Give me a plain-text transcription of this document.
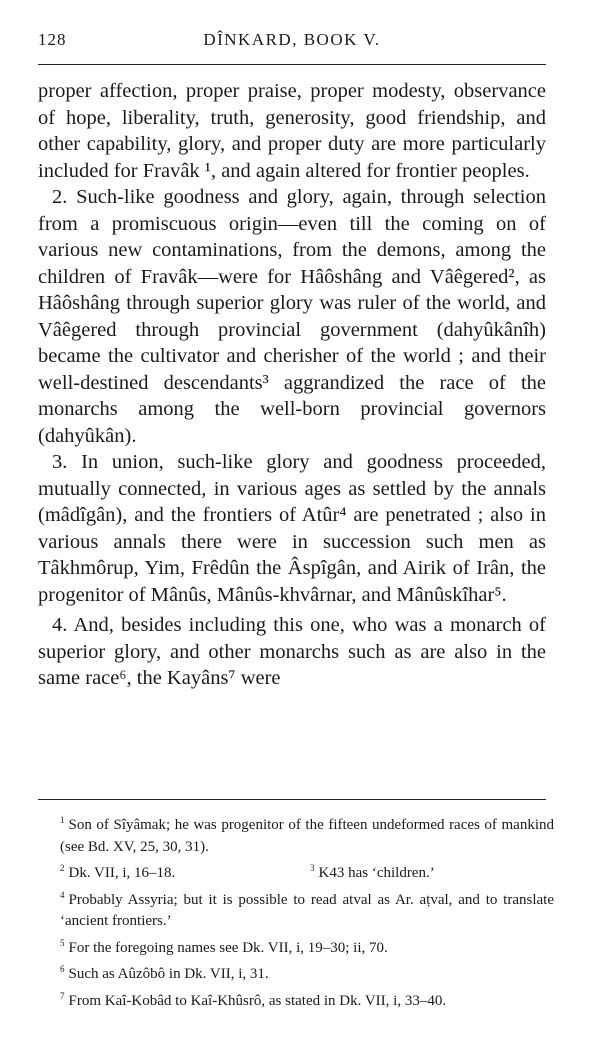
128	DÎNKARD, BOOK V.

proper affection, proper praise, proper modesty, observance of hope, liberality, truth, generosity, good friendship, and other capability, glory, and proper duty are more particularly included for Fravâk ¹, and again altered for frontier peoples.

2. Such-like goodness and glory, again, through selection from a promiscuous origin—even till the coming on of various new contaminations, from the demons, among the children of Fravâk—were for Hâôshâng and Vâêgered², as Hâôshâng through superior glory was ruler of the world, and Vâêgered through provincial government (dahyûkânîh) became the cultivator and cherisher of the world ; and their well-destined descendants³ aggrandized the race of the monarchs among the well-born provincial governors (dahyûkân).

3. In union, such-like glory and goodness proceeded, mutually connected, in various ages as settled by the annals (mâdîgân), and the frontiers of Atûr⁴ are penetrated ; also in various annals there were in succession such men as Tâkhmôrup, Yim, Frêdûn the Âspîgân, and Airik of Irân, the progenitor of Mânûs, Mânûs-khvârnar, and Mânûskîhar⁵.

4. And, besides including this one, who was a monarch of superior glory, and other monarchs such as are also in the same race⁶, the Kayâns⁷ were

$^1$ Son of Sîyâmak; he was progenitor of the fifteen undeformed races of mankind (see Bd. XV, 25, 30, 31).

$^2$ Dk. VII, i, 16–18.	$^3$ K43 has ‘children.’

$^4$ Probably Assyria; but it is possible to read atval as Ar. aṭval, and to translate ‘ancient frontiers.’

$^5$ For the foregoing names see Dk. VII, i, 19–30; ii, 70.

$^6$ Such as Aûzôbô in Dk. VII, i, 31.

$^7$ From Kaî-Kobâd to Kaî-Khûsrô, as stated in Dk. VII, i, 33–40.
